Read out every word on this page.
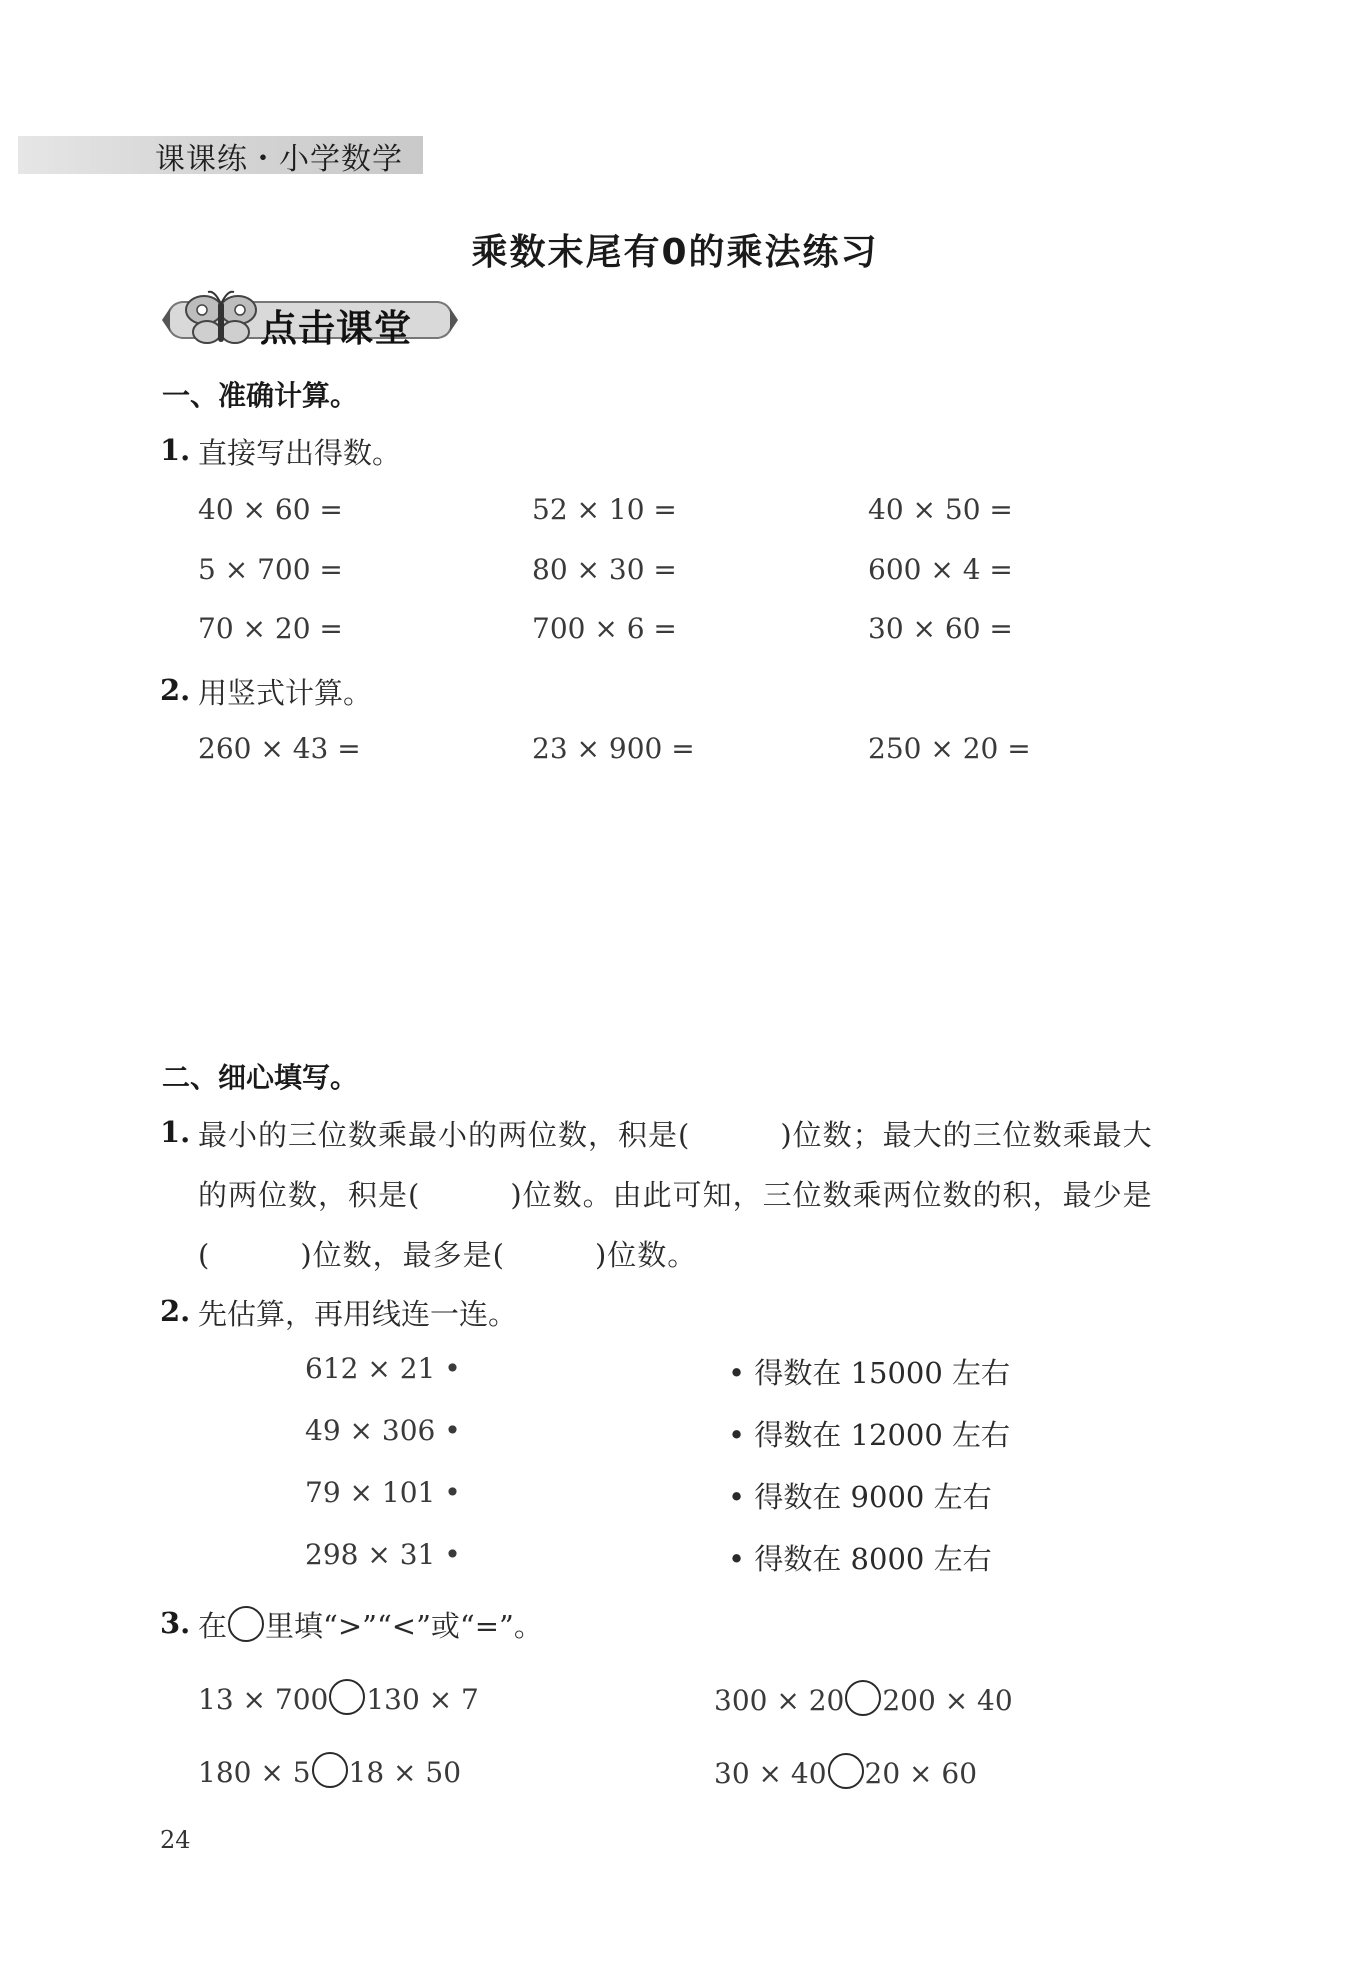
课课练・小学数学
乘数末尾有0的乘法练习
点击课堂
一、准确计算。
1. 直接写出得数。
40 × 60 =	52 × 10 =	40 × 50 =
5 × 700 =	80 × 30 =	600 × 4 =
70 × 20 =	700 × 6 =	30 × 60 =
2. 用竖式计算。
260 × 43 =	23 × 900 =	250 × 20 =
二、细心填写。
1. 最小的三位数乘最小的两位数，积是(　　　)位数；最大的三位数乘最大
的两位数，积是(　　　)位数。由此可知，三位数乘两位数的积，最少是
(　　　)位数，最多是(　　　)位数。
2. 先估算，再用线连一连。
612 × 21 •
49 × 306 •
79 × 101 •
298 × 31 •
• 得数在 15000 左右
• 得数在 12000 左右
• 得数在 9000 左右
• 得数在 8000 左右
3. 在 里填“>”“<”或“=”。
13 × 700 130 × 7	300 × 20 200 × 40
180 × 5 18 × 50	30 × 40 20 × 60
24
